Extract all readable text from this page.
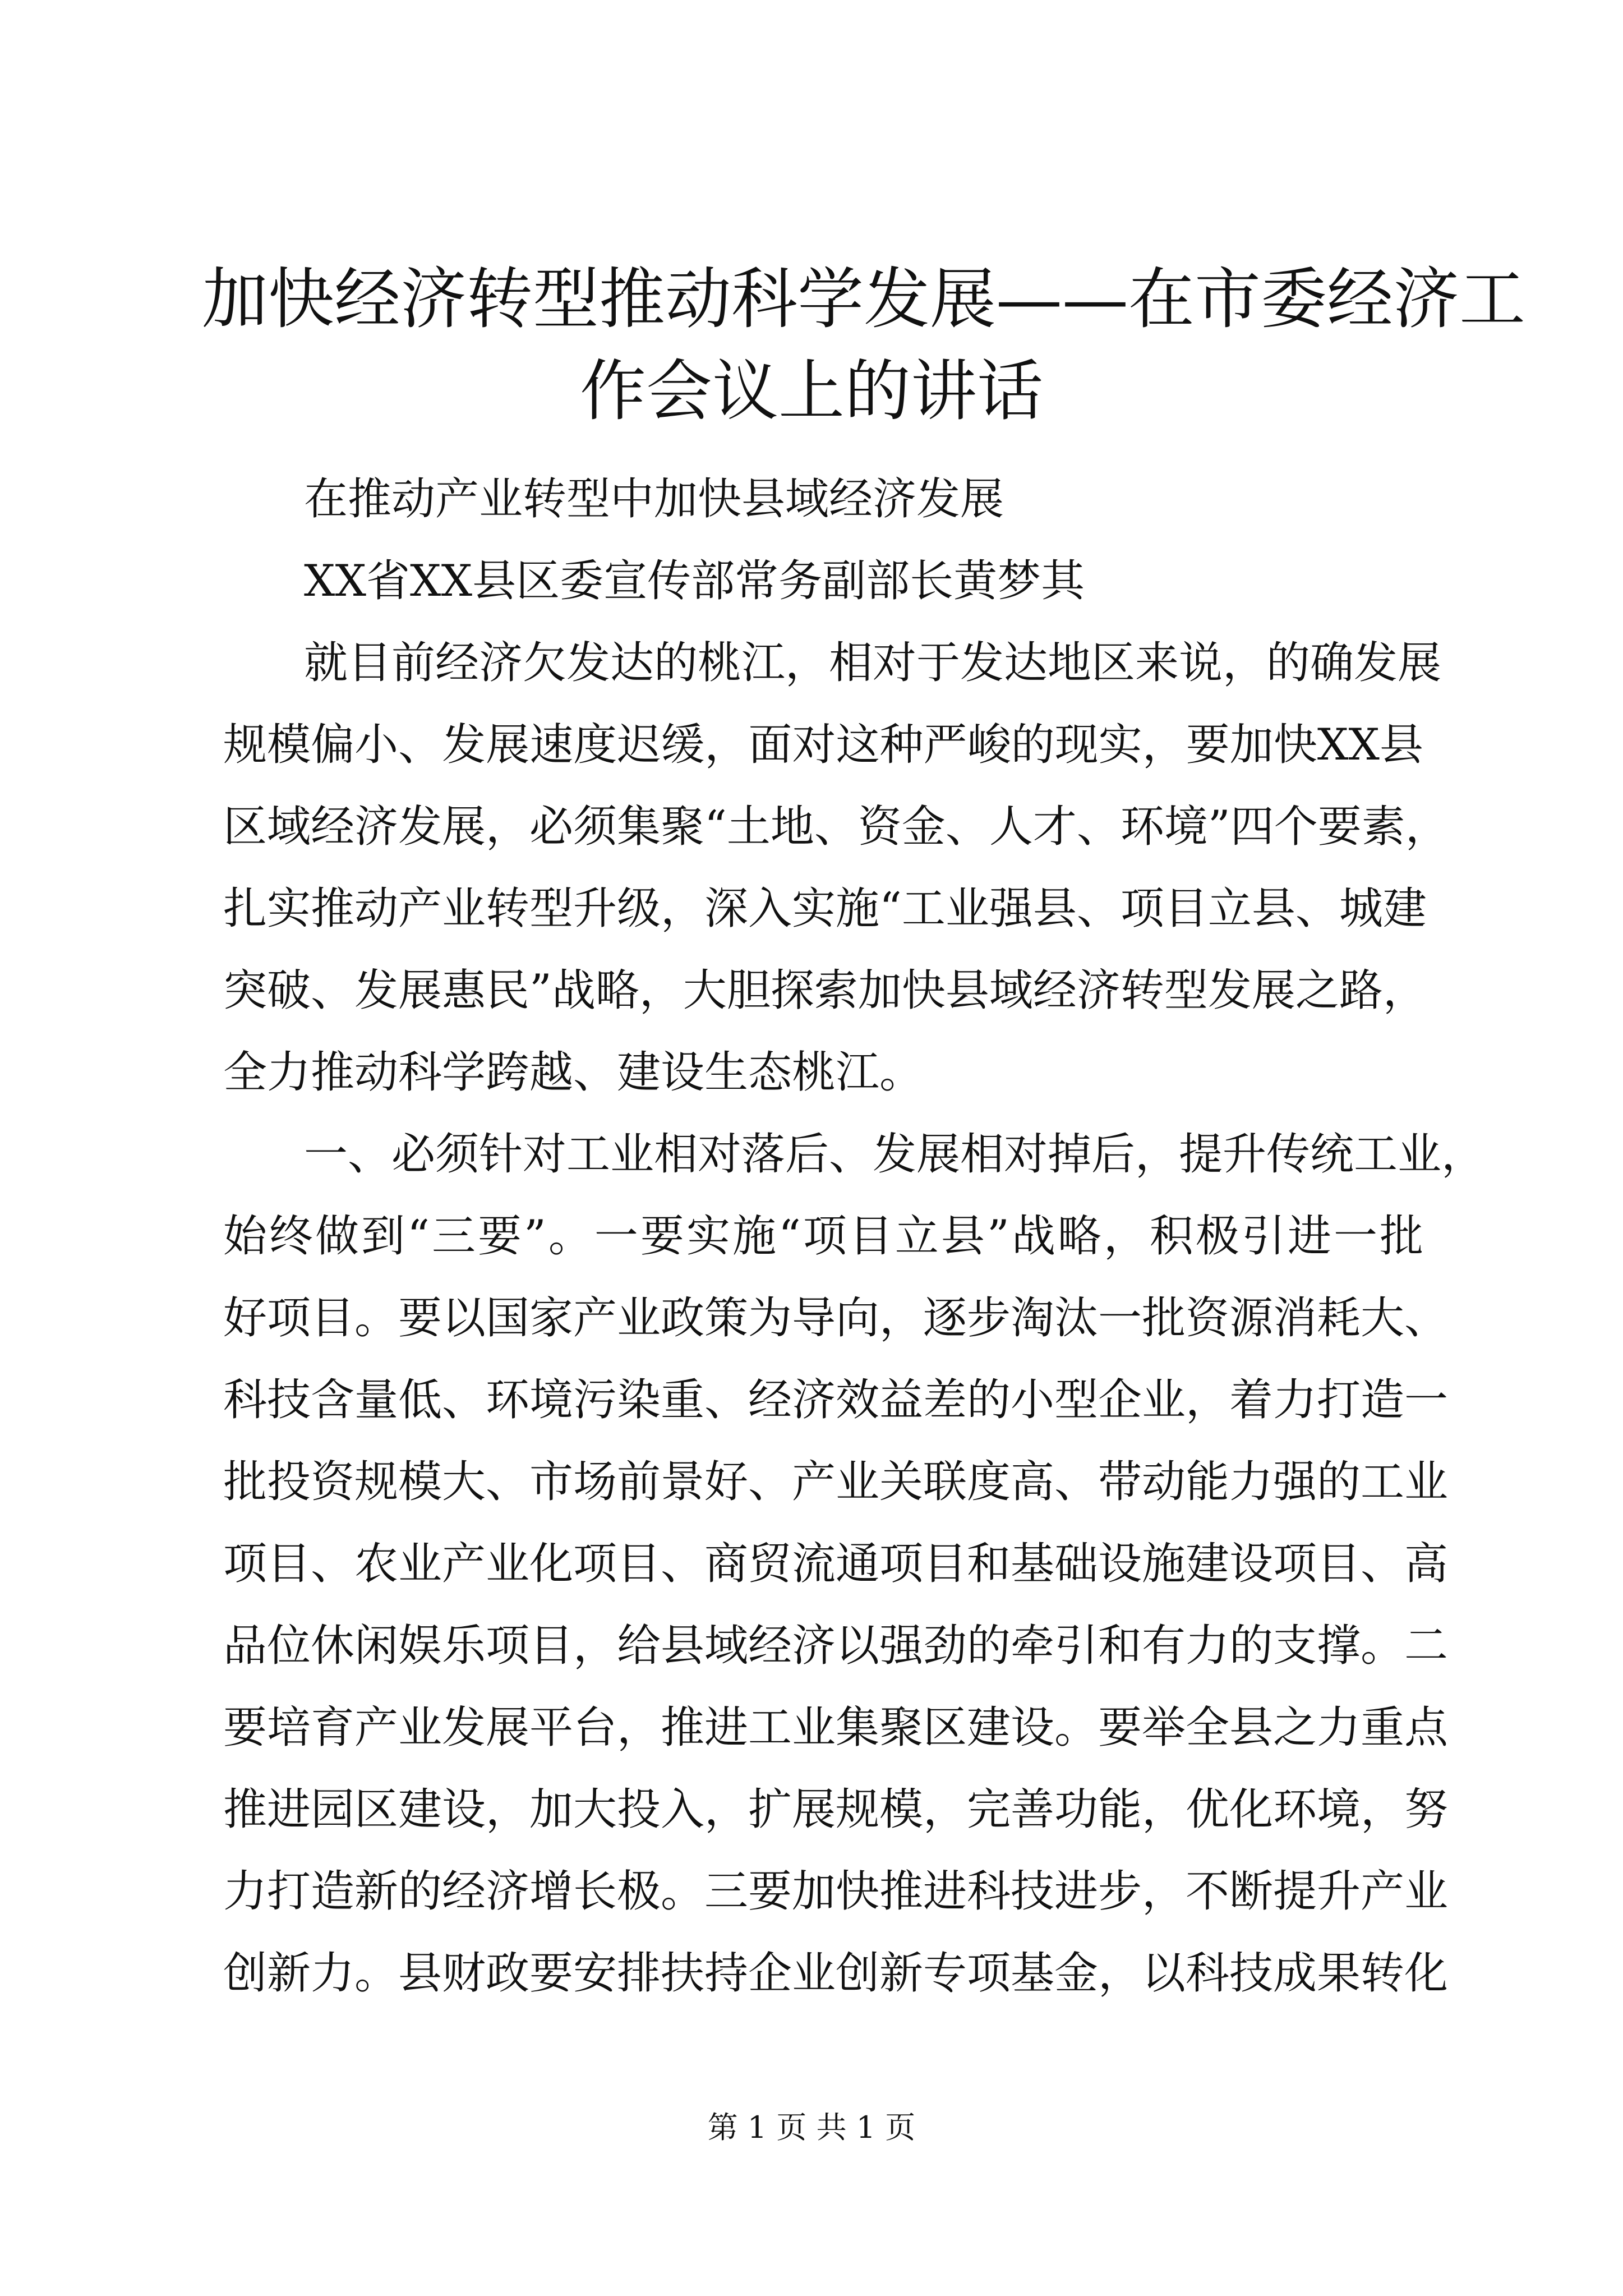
加快经济转型推动科学发展——在市委经济工
作会议上的讲话

在推动产业转型中加快县域经济发展

XX省XX县区委宣传部常务副部长黄梦其

就目前经济欠发达的桃江，相对于发达地区来说，的确发展

规模偏小、发展速度迟缓，面对这种严峻的现实，要加快XX县

区域经济发展，必须集聚“土地、资金、人才、环境”四个要素，

扎实推动产业转型升级，深入实施“工业强县、项目立县、城建

突破、发展惠民”战略，大胆探索加快县域经济转型发展之路，

全力推动科学跨越、建设生态桃江。

一、必须针对工业相对落后、发展相对掉后，提升传统工业，

始终做到“三要”。一要实施“项目立县”战略，积极引进一批

好项目。要以国家产业政策为导向，逐步淘汰一批资源消耗大、

科技含量低、环境污染重、经济效益差的小型企业，着力打造一

批投资规模大、市场前景好、产业关联度高、带动能力强的工业

项目、农业产业化项目、商贸流通项目和基础设施建设项目、高

品位休闲娱乐项目，给县域经济以强劲的牵引和有力的支撑。二

要培育产业发展平台，推进工业集聚区建设。要举全县之力重点

推进园区建设，加大投入，扩展规模，完善功能，优化环境，努

力打造新的经济增长极。三要加快推进科技进步，不断提升产业

创新力。县财政要安排扶持企业创新专项基金，以科技成果转化

第 1 页 共 1 页
